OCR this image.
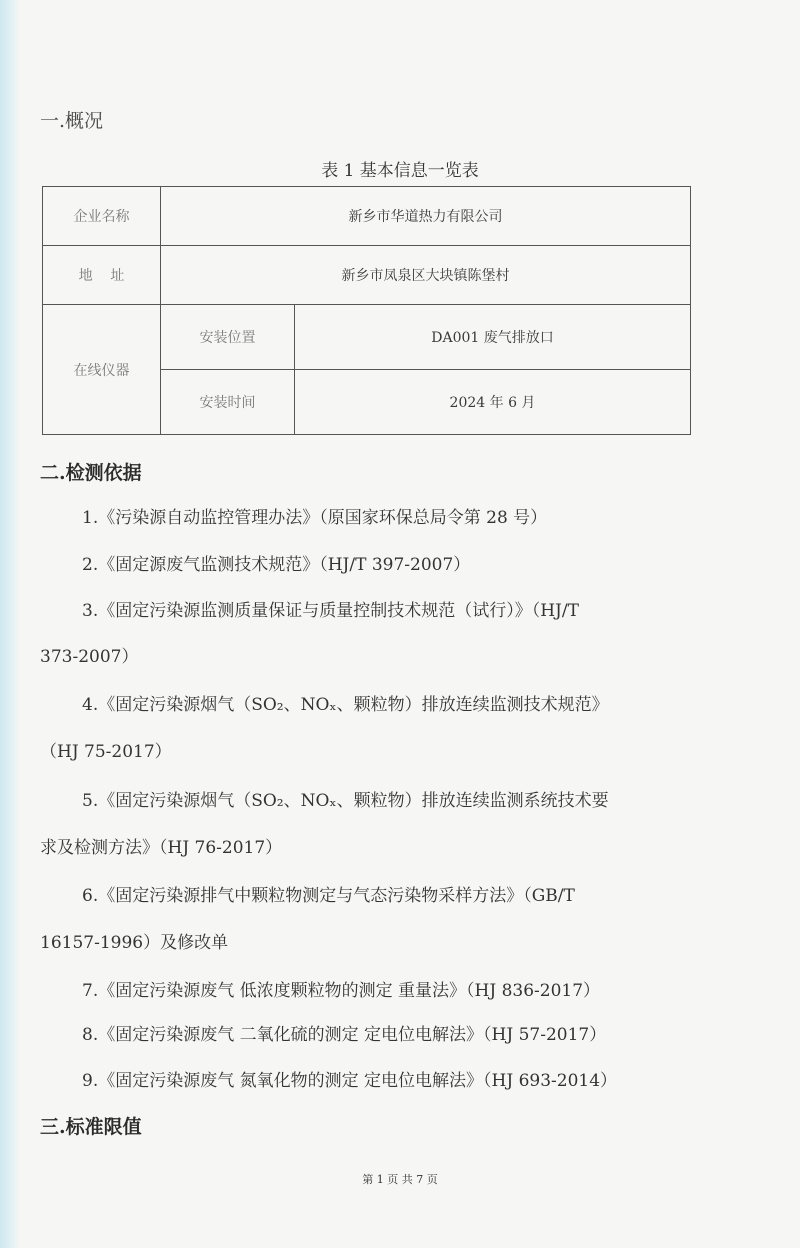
一.概况
表 1 基本信息一览表
企业名称	新乡市华道热力有限公司	
地    址	新乡市凤泉区大块镇陈堡村	
在线仪器	安装位置	DA001 废气排放口
	安装时间	2024 年 6 月
二.检测依据
1.《污染源自动监控管理办法》（原国家环保总局令第 28 号）
2.《固定源废气监测技术规范》（HJ/T 397-2007）
3.《固定污染源监测质量保证与质量控制技术规范（试行）》（HJ/T
373-2007）
4.《固定污染源烟气（SO₂、NOₓ、颗粒物）排放连续监测技术规范》
（HJ 75-2017）
5.《固定污染源烟气（SO₂、NOₓ、颗粒物）排放连续监测系统技术要
求及检测方法》（HJ 76-2017）
6.《固定污染源排气中颗粒物测定与气态污染物采样方法》（GB/T
16157-1996）及修改单
7.《固定污染源废气 低浓度颗粒物的测定 重量法》（HJ 836-2017）
8.《固定污染源废气 二氧化硫的测定 定电位电解法》（HJ 57-2017）
9.《固定污染源废气 氮氧化物的测定 定电位电解法》（HJ 693-2014）
三.标准限值
第 1 页 共 7 页
